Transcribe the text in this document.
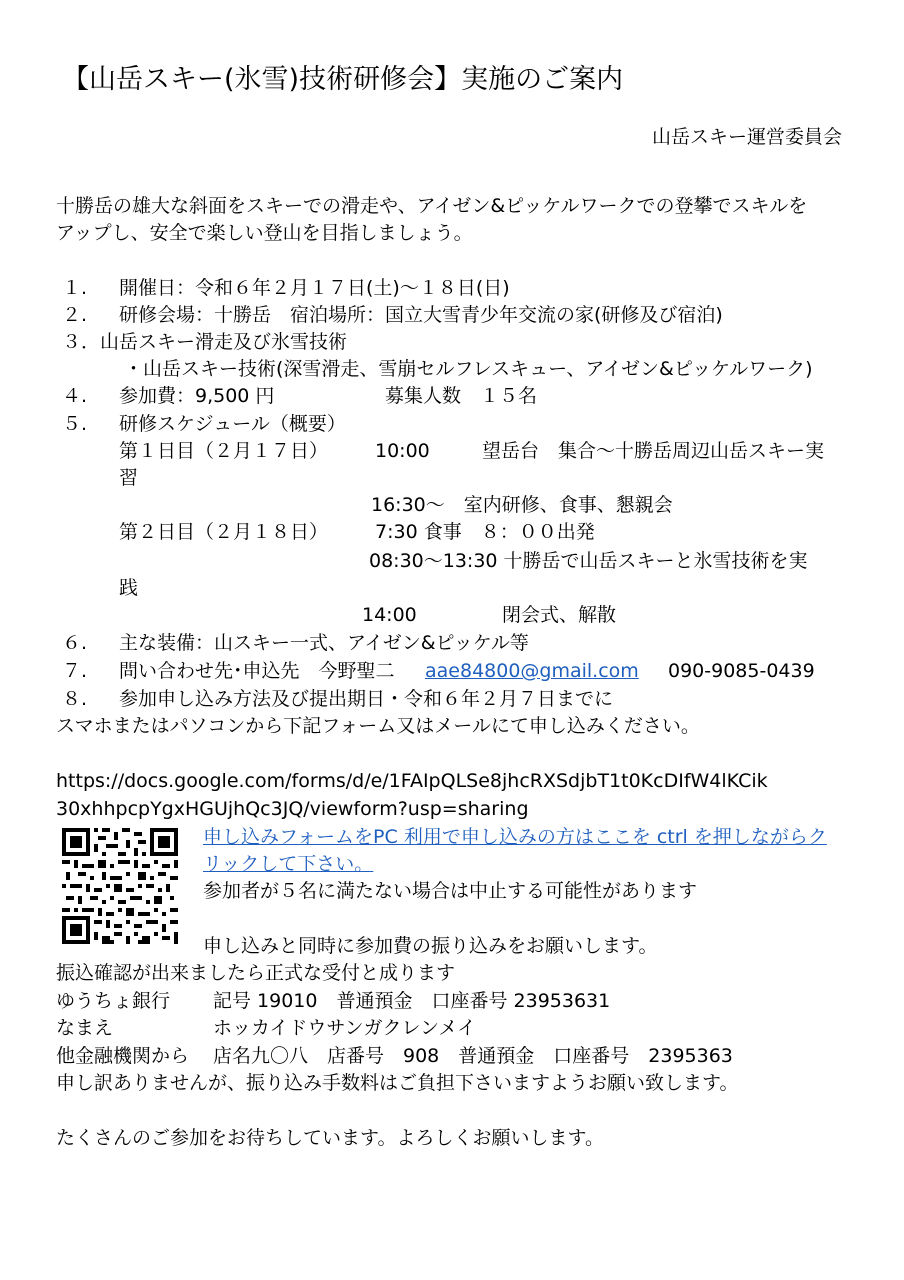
【山岳スキー(氷雪)技術研修会】実施のご案内
山岳スキー運営委員会
十勝岳の雄大な斜面をスキーでの滑走や、アイゼン&ピッケルワークでの登攀でスキルを
アップし、安全で楽しい登山を目指しましょう。
１. 開催日：令和６年２月１７日(土)～１８日(日)
２. 研修会場：十勝岳　宿泊場所：国立大雪青少年交流の家(研修及び宿泊)
３．山岳スキー滑走及び氷雪技術
・山岳スキー技術(深雪滑走、雪崩セルフレスキュー、アイゼン&ピッケルワーク)
４. 参加費：9,500 円	募集人数　１５名
５. 研修スケジュール（概要）
第１日目（２月１７日） 10:00	望岳台　集合～十勝岳周辺山岳スキー実
習
16:30～　室内研修、食事、懇親会
第２日目（２月１８日） 7:30 食事　８：００出発
08:30～13:30 十勝岳で山岳スキーと氷雪技術を実
践
14:00	閉会式、解散
６. 主な装備：山スキー一式、アイゼン&ピッケル等
７. 問い合わせ先･申込先　今野聖二 aae84800@gmail.com 090-9085-0439
８. 参加申し込み方法及び提出期日・令和６年２月７日までに
スマホまたはパソコンから下記フォーム又はメールにて申し込みください。
https://docs.google.com/forms/d/e/1FAIpQLSe8jhcRXSdjbT1t0KcDIfW4lKCik
30xhhpcpYgxHGUjhQc3JQ/viewform?usp=sharing
申し込みフォームをPC 利用で申し込みの方はここを ctrl を押しながらク
リックして下さい。
参加者が５名に満たない場合は中止する可能性があります
申し込みと同時に参加費の振り込みをお願いします。
振込確認が出来ましたら正式な受付と成ります
ゆうちょ銀行 記号 19010　普通預金　口座番号 23953631
なまえ	ホッカイドウサンガクレンメイ
他金融機関から 店名九〇八　店番号　908　普通預金　口座番号　2395363
申し訳ありませんが、振り込み手数料はご負担下さいますようお願い致します。
たくさんのご参加をお待ちしています。よろしくお願いします。
